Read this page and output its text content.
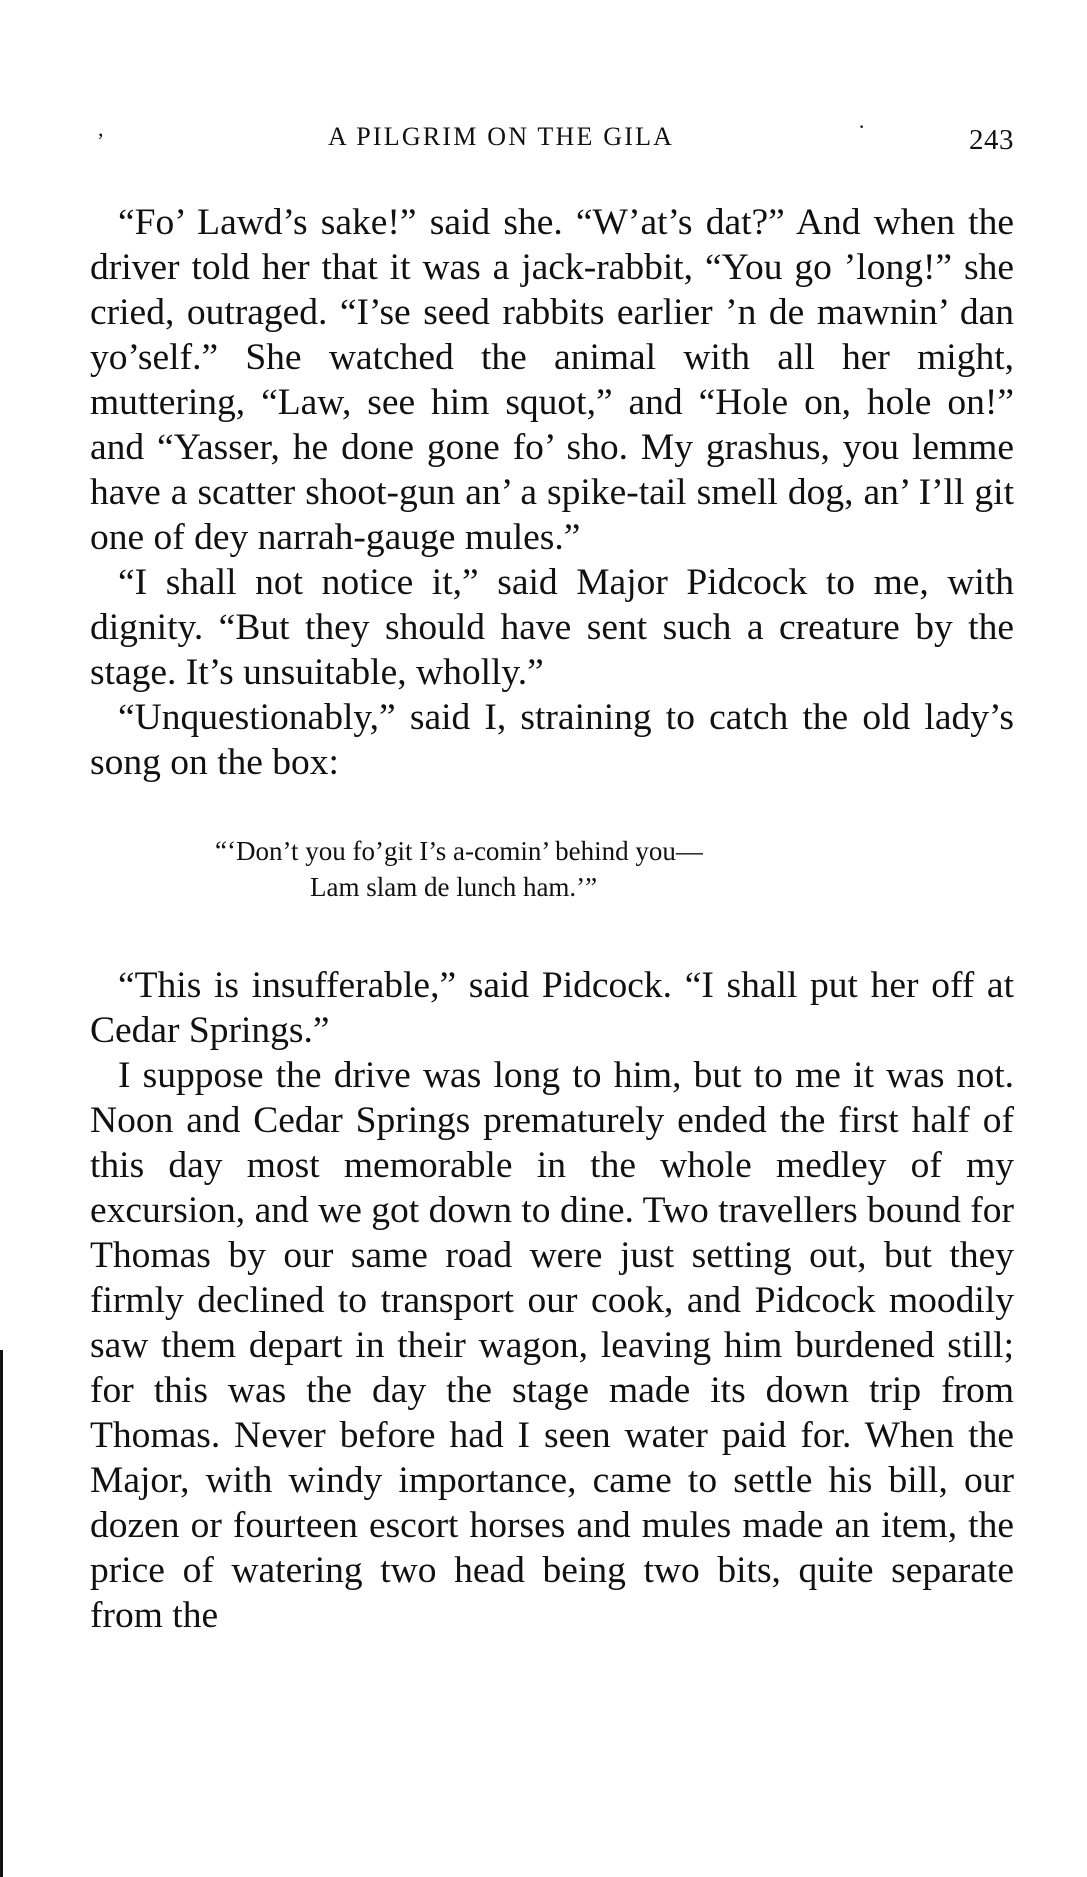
,	A PILGRIM ON THE GILA	·	243

“Fo’ Lawd’s sake!” said she. “W’at’s dat?” And when the driver told her that it was a jack-rabbit, “You go ’long!” she cried, outraged. “I’se seed rabbits earlier ’n de mawnin’ dan yo’self.” She watched the animal with all her might, muttering, “Law, see him squot,” and “Hole on, hole on!” and “Yasser, he done gone fo’ sho. My grashus, you lemme have a scatter shoot-gun an’ a spike-tail smell dog, an’ I’ll git one of dey narrah-gauge mules.”

“I shall not notice it,” said Major Pidcock to me, with dignity. “But they should have sent such a creature by the stage. It’s unsuitable, wholly.”

“Unquestionably,” said I, straining to catch the old lady’s song on the box:

“‘Don’t you fo’git I’s a-comin’ behind you—
Lam slam de lunch ham.’”

“This is insufferable,” said Pidcock. “I shall put her off at Cedar Springs.”

I suppose the drive was long to him, but to me it was not. Noon and Cedar Springs prematurely ended the first half of this day most memorable in the whole medley of my excursion, and we got down to dine. Two travellers bound for Thomas by our same road were just setting out, but they firmly declined to transport our cook, and Pidcock moodily saw them depart in their wagon, leaving him burdened still; for this was the day the stage made its down trip from Thomas. Never before had I seen water paid for. When the Major, with windy importance, came to settle his bill, our dozen or fourteen escort horses and mules made an item, the price of watering two head being two bits, quite separate from the
